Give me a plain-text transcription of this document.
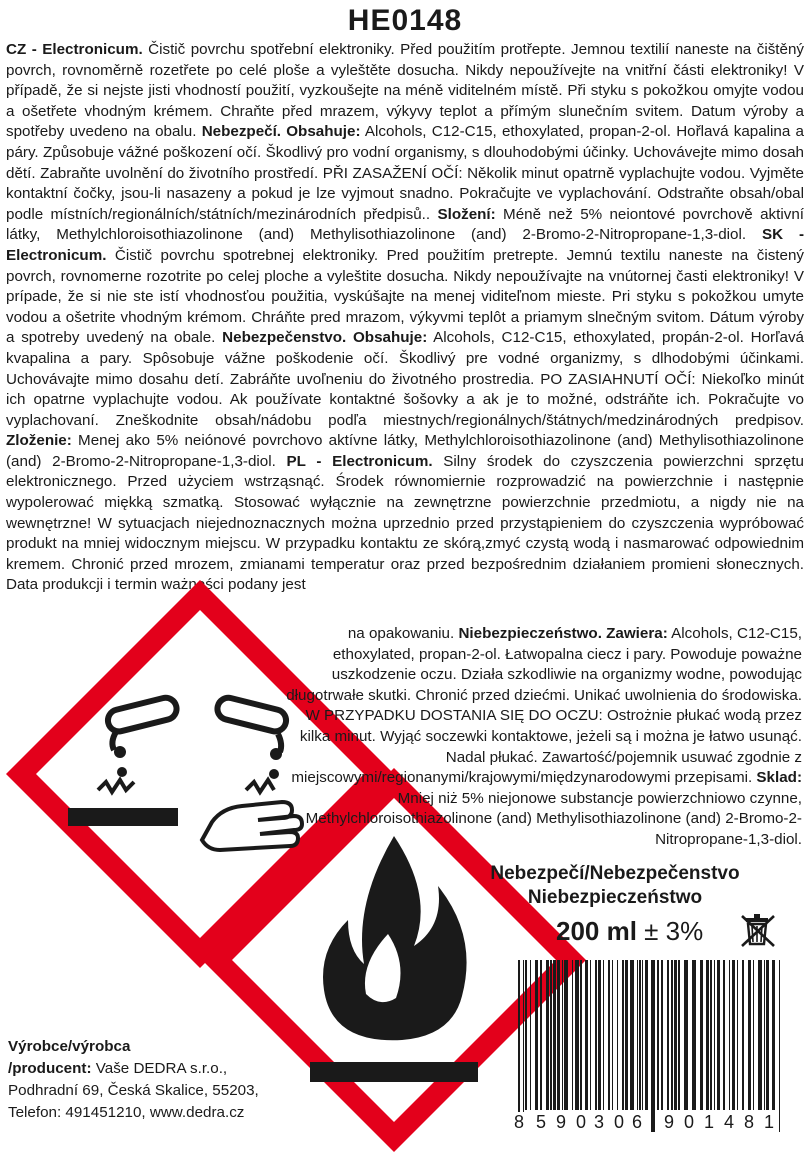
HE0148
CZ - Electronicum. Čistič povrchu spotřební elektroniky. Před použitím protřepte. Jemnou textilií naneste na čištěný povrch, rovnoměrně rozetřete po celé ploše a vyleštěte dosucha. Nikdy nepoužívejte na vnitřní části elektroniky! V případě, že si nejste jisti vhodností použití, vyzkoušejte na méně viditelném místě. Při styku s pokožkou omyjte vodou a ošetřete vhodným krémem. Chraňte před mrazem, výkyvy teplot a přímým slunečním svitem. Datum výroby a spotřeby uvedeno na obalu. Nebezpečí. Obsahuje: Alcohols, C12-C15, ethoxylated, propan-2-ol. Hořlavá kapalina a páry. Způsobuje vážné poškození očí. Škodlivý pro vodní organismy, s dlouhodobými účinky. Uchovávejte mimo dosah dětí. Zabraňte uvolnění do životního prostředí. PŘI ZASAŽENÍ OČÍ: Několik minut opatrně vyplachujte vodou. Vyjměte kontaktní čočky, jsou-li nasazeny a pokud je lze vyjmout snadno. Pokračujte ve vyplachování. Odstraňte obsah/obal podle místních/regionálních/státních/mezinárodních předpisů.. Složení: Méně než 5% neiontové povrchově aktivní látky, Methylchloroisothiazolinone (and) Methylisothiazolinone (and) 2-Bromo-2-Nitropropane-1,3-diol. SK - Electronicum. Čistič povrchu spotrebnej elektroniky. Pred použitím pretrepte. Jemnú textilu naneste na čistený povrch, rovnomerne rozotrite po celej ploche a vyleštite dosucha. Nikdy nepoužívajte na vnútornej časti elektroniky! V prípade, že si nie ste istí vhodnosťou použitia, vyskúšajte na menej viditeľnom mieste. Pri styku s pokožkou umyte vodou a ošetrite vhodným krémom. Chráňte pred mrazom, výkyvmi teplôt a priamym slnečným svitom. Dátum výroby a spotreby uvedený na obale. Nebezpečenstvo. Obsahuje: Alcohols, C12-C15, ethoxylated, propán-2-ol. Horľavá kvapalina a pary. Spôsobuje vážne poškodenie očí. Škodlivý pre vodné organizmy, s dlhodobými účinkami. Uchovávajte mimo dosahu detí. Zabráňte uvoľneniu do životného prostredia. PO ZASIAHNUTÍ OČÍ: Niekoľko minút ich opatrne vyplachujte vodou. Ak používate kontaktné šošovky a ak je to možné, odstráňte ich. Pokračujte vo vyplachovaní. Zneškodnite obsah/nádobu podľa miestnych/regionálnych/štátnych/medzinárodných predpisov. Zloženie: Menej ako 5% neiónové povrchovo aktívne látky, Methylchloroisothiazolinone (and) Methylisothiazolinone (and) 2-Bromo-2-Nitropropane-1,3-diol. PL - Electronicum. Silny środek do czyszczenia powierzchni sprzętu elektronicznego. Przed użyciem wstrząsnąć. Środek równomiernie rozprowadzić na powierzchnie i następnie wypolerować miękką szmatką. Stosować wyłącznie na zewnętrzne powierzchnie przedmiotu, a nigdy nie na wewnętrzne! W sytuacjach niejednoznacznych można uprzednio przed przystąpieniem do czyszczenia wypróbować produkt na mniej widocznym miejscu. W przypadku kontaktu ze skórą,zmyć czystą wodą i nasmarować odpowiednim kremem. Chronić przed mrozem, zmianami temperatur oraz przed bezpośrednim działaniem promieni słonecznych. Data produkcji i termin ważności podany jest
na opakowaniu. Niebezpieczeństwo. Zawiera: Alcohols, C12-C15, ethoxylated, propan-2-ol. Łatwopalna ciecz i pary. Powoduje poważne uszkodzenie oczu. Działa szkodliwie na organizmy wodne, powodując długotrwałe skutki. Chronić przed dziećmi. Unikać uwolnienia do środowiska. W PRZYPADKU DOSTANIA SIĘ DO OCZU: Ostrożnie płukać wodą przez kilka minut. Wyjąć soczewki kontaktowe, jeżeli są i można je łatwo usunąć. Nadal płukać. Zawartość/pojemnik usuwać zgodnie z miejscowymi/regionanymi/krajowymi/międzynarodowymi przepisami. Sklad: Mniej niż 5% niejonowe substancje powierzchniowo czynne, Methylchloroisothiazolinone (and) Methylisothiazolinone (and) 2-Bromo-2-Nitropropane-1,3-diol.
Nebezpečí/Nebezpečenstvo
Niebezpieczeństwo
200 ml ± 3%
Výrobce/výrobca
/producent: Vaše DEDRA s.r.o.,
Podhradní 69, Česká Skalice, 55203,
Telefon: 491451210, www.dedra.cz	8 5 9 0 3 0 6 9 0 1 4 8 1
